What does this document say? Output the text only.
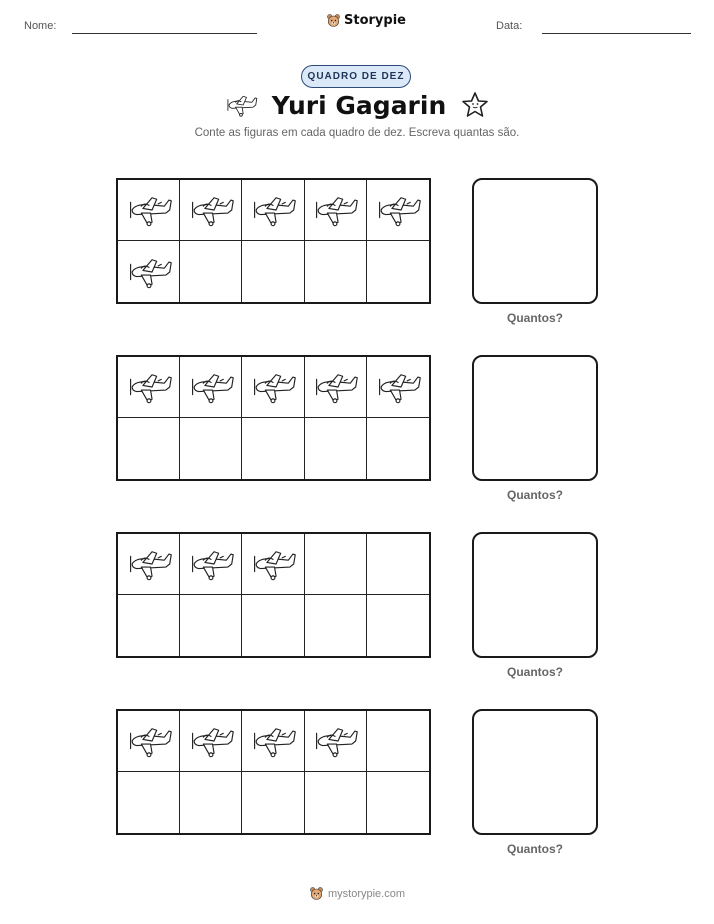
Nome:	Storypie	Data:
QUADRO DE DEZ
Yuri Gagarin
Conte as figuras em cada quadro de dez. Escreva quantas são.
Quantos?
Quantos?
Quantos?
Quantos?
mystorypie.com
